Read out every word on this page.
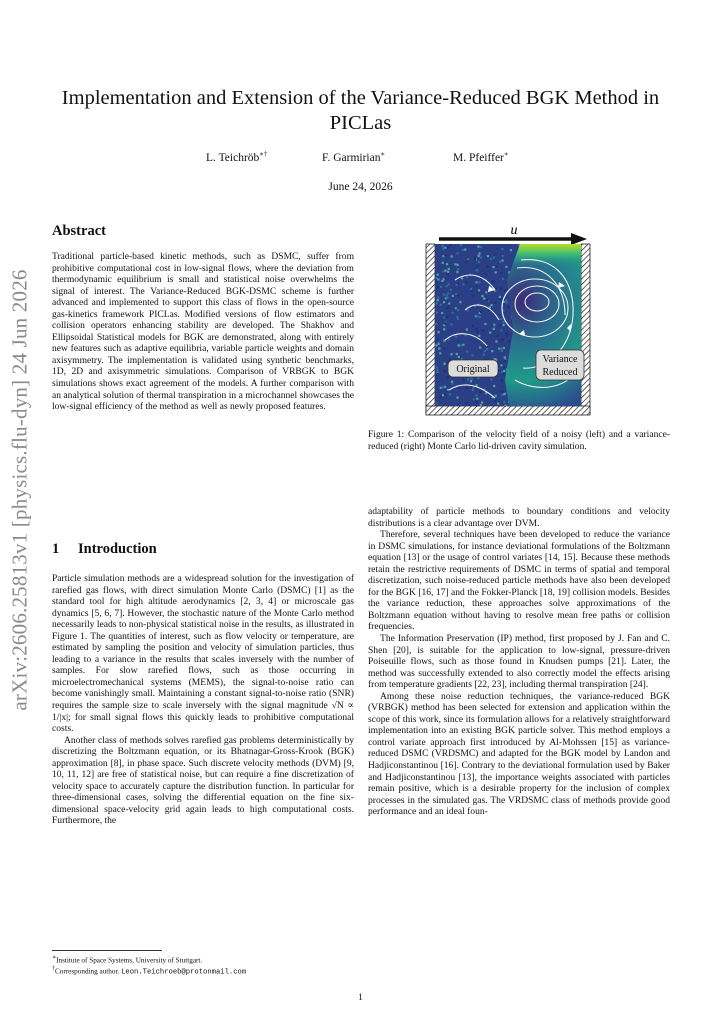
arXiv:2606.25813v1 [physics.flu-dyn] 24 Jun 2026
Implementation and Extension of the Variance-Reduced BGK Method in PICLas
L. Teichröb∗†	F. Garmirian∗	M. Pfeiffer∗
June 24, 2026
Abstract

Traditional particle-based kinetic methods, such as DSMC, suffer from prohibitive computational cost in low-signal flows, where the deviation from thermodynamic equilibrium is small and statistical noise overwhelms the signal of interest. The Variance-Reduced BGK-DSMC scheme is further advanced and implemented to support this class of flows in the open-source gas-kinetics framework PICLas. Modified versions of flow estimators and collision operators enhancing stability are developed. The Shakhov and Ellipsoidal Statistical models for BGK are demonstrated, along with entirely new features such as adaptive equilibria, variable particle weights and domain axisymmetry. The implementation is validated using synthetic benchmarks, 1D, 2D and axisymmetric simulations. Comparison of VRBGK to BGK simulations shows exact agreement of the models. A further comparison with an analytical solution of thermal transpiration in a microchannel showcases the low-signal efficiency of the method as well as newly proposed features.

1 Introduction

Particle simulation methods are a widespread solution for the investigation of rarefied gas flows, with direct simulation Monte Carlo (DSMC) [1] as the standard tool for high altitude aerodynamics [2, 3, 4] or microscale gas dynamics [5, 6, 7]. However, the stochastic nature of the Monte Carlo method necessarily leads to non-physical statistical noise in the results, as illustrated in Figure 1. The quantities of interest, such as flow velocity or temperature, are estimated by sampling the position and velocity of simulation particles, thus leading to a variance in the results that scales inversely with the number of samples. For slow rarefied flows, such as those occurring in microelectromechanical systems (MEMS), the signal-to-noise ratio can become vanishingly small. Maintaining a constant signal-to-noise ratio (SNR) requires the sample size to scale inversely with the signal magnitude √N ∝ 1/|x|; for small signal flows this quickly leads to prohibitive computational costs.

Another class of methods solves rarefied gas problems deterministically by discretizing the Boltzmann equation, or its Bhatnagar-Gross-Krook (BGK) approximation [8], in phase space. Such discrete velocity methods (DVM) [9, 10, 11, 12] are free of statistical noise, but can require a fine discretization of velocity space to accurately capture the distribution function. In particular for three-dimensional cases, solving the differential equation on the fine six-dimensional space-velocity grid again leads to high computational costs. Furthermore, the

u
Original
Variance
Reduced
Figure 1: Comparison of the velocity field of a noisy (left) and a variance-reduced (right) Monte Carlo lid-driven cavity simulation.

adaptability of particle methods to boundary conditions and velocity distributions is a clear advantage over DVM.

Therefore, several techniques have been developed to reduce the variance in DSMC simulations, for instance deviational formulations of the Boltzmann equation [13] or the usage of control variates [14, 15]. Because these methods retain the restrictive requirements of DSMC in terms of spatial and temporal discretization, such noise-reduced particle methods have also been developed for the BGK [16, 17] and the Fokker-Planck [18, 19] collision models. Besides the variance reduction, these approaches solve approximations of the Boltzmann equation without having to resolve mean free paths or collision frequencies.

The Information Preservation (IP) method, first proposed by J. Fan and C. Shen [20], is suitable for the application to low-signal, pressure-driven Poiseuille flows, such as those found in Knudsen pumps [21]. Later, the method was successfully extended to also correctly model the effects arising from temperature gradients [22, 23], including thermal transpiration [24].

Among these noise reduction techniques, the variance-reduced BGK (VRBGK) method has been selected for extension and application within the scope of this work, since its formulation allows for a relatively straightforward implementation into an existing BGK particle solver. This method employs a control variate approach first introduced by Al-Mohssen [15] as variance-reduced DSMC (VRDSMC) and adapted for the BGK model by Landon and Hadjiconstantinou [16]. Contrary to the deviational formulation used by Baker and Hadjiconstantinou [13], the importance weights associated with particles remain positive, which is a desirable property for the inclusion of complex processes in the simulated gas. The VRDSMC class of methods provide good performance and an ideal foun-

∗Institute of Space Systems, University of Stuttgart.
†Corresponding author. Leon.Teichroeb@protonmail.com
1
